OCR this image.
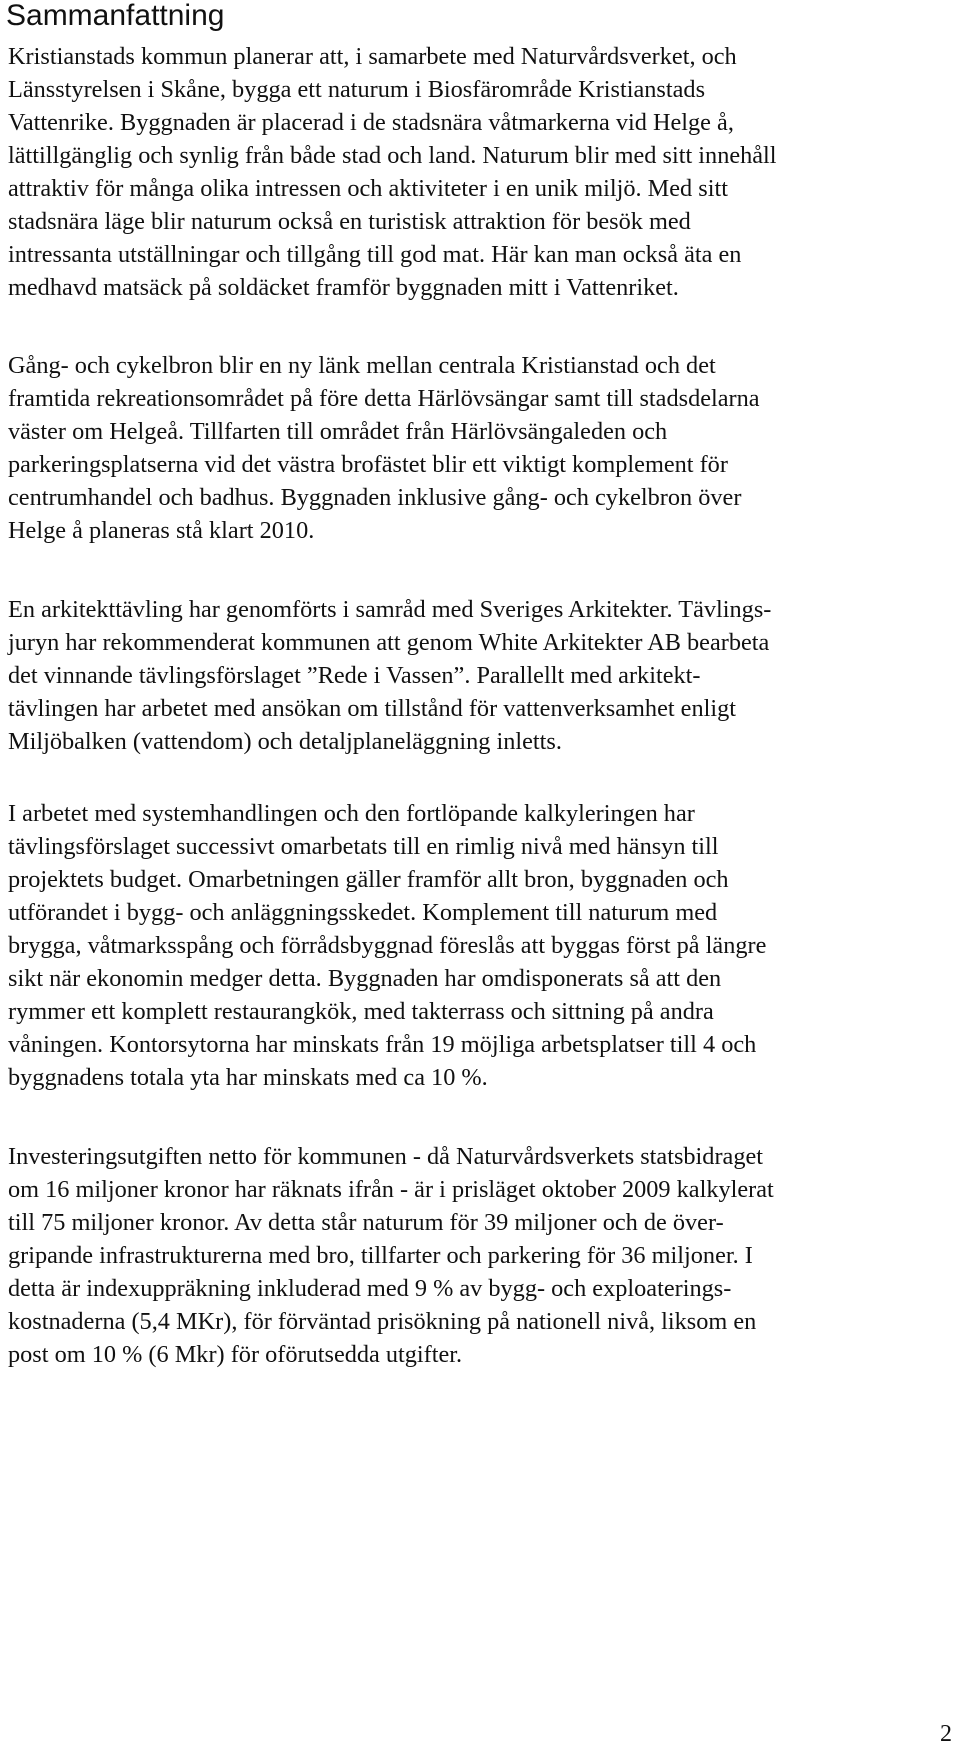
Sammanfattning

Kristianstads kommun planerar att, i samarbete med Naturvårdsverket, och
Länsstyrelsen i Skåne, bygga ett naturum i Biosfärområde Kristianstads
Vattenrike. Byggnaden är placerad i de stadsnära våtmarkerna vid Helge å,
lättillgänglig och synlig från både stad och land. Naturum blir med sitt innehåll
attraktiv för många olika intressen och aktiviteter i en unik miljö. Med sitt
stadsnära läge blir naturum också en turistisk attraktion för besök med
intressanta utställningar och tillgång till god mat. Här kan man också äta en
medhavd matsäck på soldäcket framför byggnaden mitt i Vattenriket.

Gång- och cykelbron blir en ny länk mellan centrala Kristianstad och det
framtida rekreationsområdet på före detta Härlövsängar samt till stadsdelarna
väster om Helgeå. Tillfarten till området från Härlövsängaleden och
parkeringsplatserna vid det västra brofästet blir ett viktigt komplement för
centrumhandel och badhus. Byggnaden inklusive gång- och cykelbron över
Helge å planeras stå klart 2010.

En arkitekttävling har genomförts i samråd med Sveriges Arkitekter. Tävlings-
juryn har rekommenderat kommunen att genom White Arkitekter AB bearbeta
det vinnande tävlingsförslaget ”Rede i Vassen”. Parallellt med arkitekt-
tävlingen har arbetet med ansökan om tillstånd för vattenverksamhet enligt
Miljöbalken (vattendom) och detaljplaneläggning inletts.

I arbetet med systemhandlingen och den fortlöpande kalkyleringen har
tävlingsförslaget successivt omarbetats till en rimlig nivå med hänsyn till
projektets budget. Omarbetningen gäller framför allt bron, byggnaden och
utförandet i bygg- och anläggningsskedet. Komplement till naturum med
brygga, våtmarksspång och förrådsbyggnad föreslås att byggas först på längre
sikt när ekonomin medger detta. Byggnaden har omdisponerats så att den
rymmer ett komplett restaurangkök, med takterrass och sittning på andra
våningen. Kontorsytorna har minskats från 19 möjliga arbetsplatser till 4 och
byggnadens totala yta har minskats med ca 10 %.

Investeringsutgiften netto för kommunen - då Naturvårdsverkets statsbidraget
om 16 miljoner kronor har räknats ifrån - är i prisläget oktober 2009 kalkylerat
till 75 miljoner kronor. Av detta står naturum för 39 miljoner och de över-
gripande infrastrukturerna med bro, tillfarter och parkering för 36 miljoner. I
detta är indexuppräkning inkluderad med 9 % av bygg- och exploaterings-
kostnaderna (5,4 MKr), för förväntad prisökning på nationell nivå, liksom en
post om 10 % (6 Mkr) för oförutsedda utgifter.

2
